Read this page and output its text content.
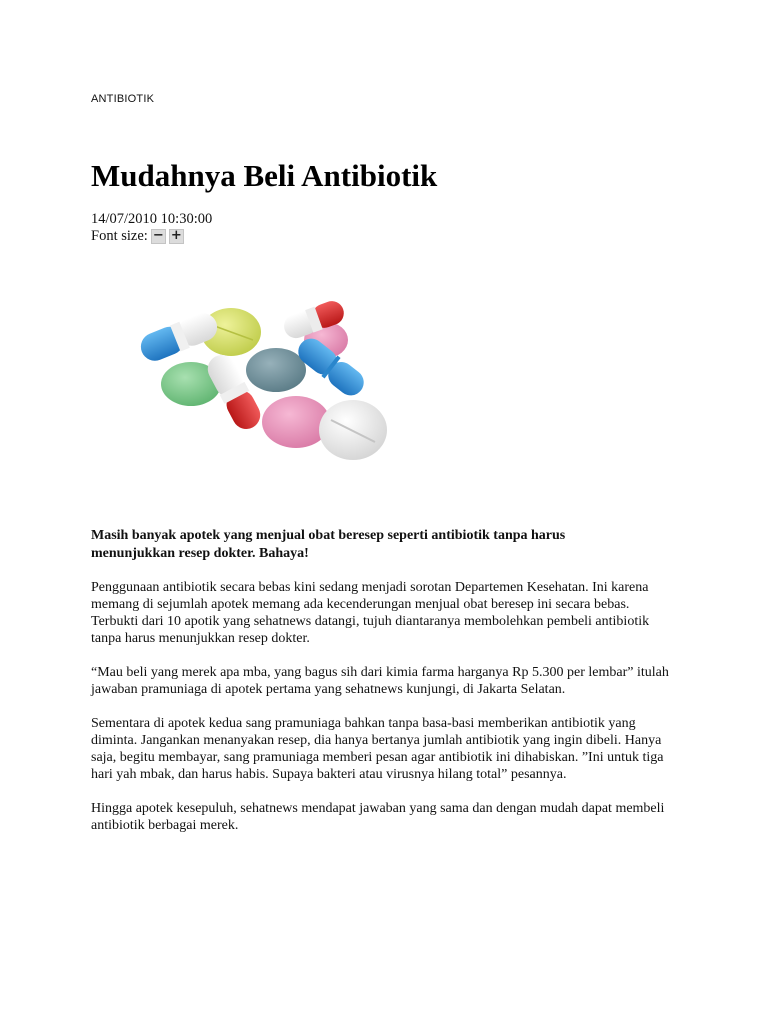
ANTIBIOTIK
Mudahnya Beli Antibiotik
14/07/2010 10:30:00
Font size: − +

Masih banyak apotek yang menjual obat beresep seperti antibiotik tanpa harus menunjukkan resep dokter. Bahaya!

Penggunaan antibiotik secara bebas kini sedang menjadi sorotan Departemen Kesehatan. Ini karena memang di sejumlah apotek memang ada kecenderungan menjual obat beresep ini secara bebas. Terbukti dari 10 apotik yang sehatnews datangi, tujuh diantaranya membolehkan pembeli antibiotik tanpa harus menunjukkan resep dokter.

“Mau beli yang merek apa mba, yang bagus sih dari kimia farma harganya Rp 5.300 per lembar” itulah jawaban pramuniaga di apotek pertama yang sehatnews kunjungi, di Jakarta Selatan.

Sementara di apotek kedua sang pramuniaga bahkan tanpa basa-basi memberikan antibiotik yang diminta. Jangankan menanyakan resep, dia hanya bertanya jumlah antibiotik yang ingin dibeli. Hanya saja, begitu membayar, sang pramuniaga memberi pesan agar antibiotik ini dihabiskan. ”Ini untuk tiga hari yah mbak, dan harus habis. Supaya bakteri atau virusnya hilang total” pesannya.

Hingga apotek kesepuluh, sehatnews mendapat jawaban yang sama dan dengan mudah dapat membeli antibiotik berbagai merek.
